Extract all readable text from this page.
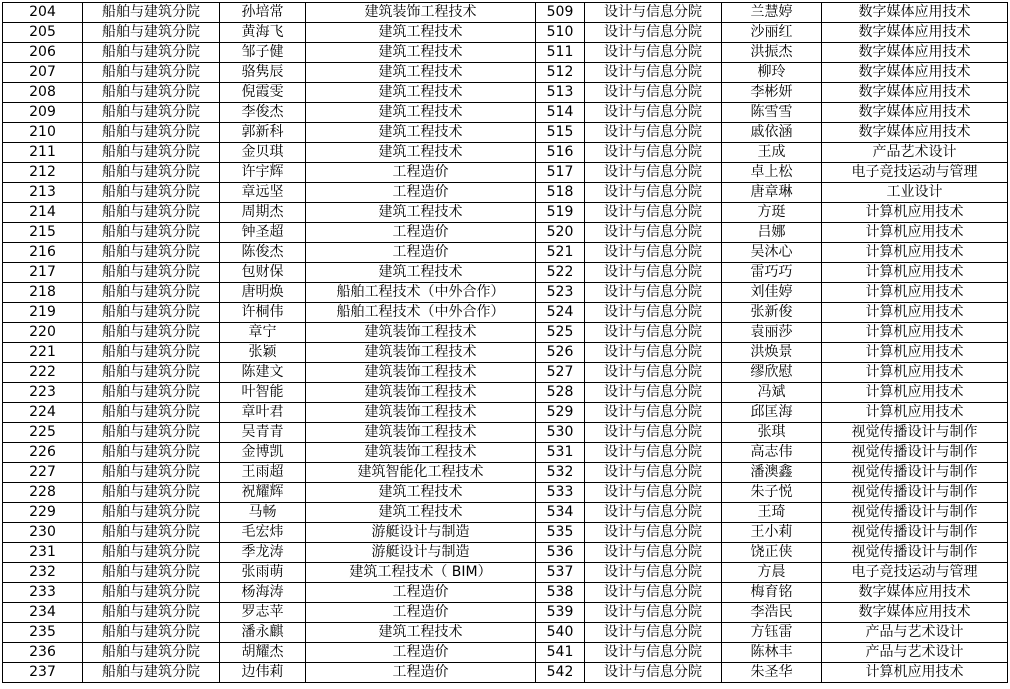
204	船舶与建筑分院	孙培常	建筑装饰工程技术	509	设计与信息分院	兰慧婷	数字媒体应用技术
205	船舶与建筑分院	黄海飞	建筑工程技术	510	设计与信息分院	沙丽红	数字媒体应用技术
206	船舶与建筑分院	邹子健	建筑工程技术	511	设计与信息分院	洪振杰	数字媒体应用技术
207	船舶与建筑分院	骆隽辰	建筑工程技术	512	设计与信息分院	柳玲	数字媒体应用技术
208	船舶与建筑分院	倪霞雯	建筑工程技术	513	设计与信息分院	李彬妍	数字媒体应用技术
209	船舶与建筑分院	李俊杰	建筑工程技术	514	设计与信息分院	陈雪雪	数字媒体应用技术
210	船舶与建筑分院	郭新科	建筑工程技术	515	设计与信息分院	戚依涵	数字媒体应用技术
211	船舶与建筑分院	金贝琪	建筑工程技术	516	设计与信息分院	王成	产品艺术设计
212	船舶与建筑分院	许宇辉	工程造价	517	设计与信息分院	卓上松	电子竞技运动与管理
213	船舶与建筑分院	章远坚	工程造价	518	设计与信息分院	唐章琳	工业设计
214	船舶与建筑分院	周期杰	建筑工程技术	519	设计与信息分院	方珽	计算机应用技术
215	船舶与建筑分院	钟圣超	工程造价	520	设计与信息分院	吕娜	计算机应用技术
216	船舶与建筑分院	陈俊杰	工程造价	521	设计与信息分院	吴沐心	计算机应用技术
217	船舶与建筑分院	包财保	建筑工程技术	522	设计与信息分院	雷巧巧	计算机应用技术
218	船舶与建筑分院	唐明焕	船舶工程技术（中外合作）	523	设计与信息分院	刘佳婷	计算机应用技术
219	船舶与建筑分院	许桐伟	船舶工程技术（中外合作）	524	设计与信息分院	张新俊	计算机应用技术
220	船舶与建筑分院	章宁	建筑装饰工程技术	525	设计与信息分院	袁丽莎	计算机应用技术
221	船舶与建筑分院	张颖	建筑装饰工程技术	526	设计与信息分院	洪焕景	计算机应用技术
222	船舶与建筑分院	陈建文	建筑装饰工程技术	527	设计与信息分院	缪欣慰	计算机应用技术
223	船舶与建筑分院	叶智能	建筑装饰工程技术	528	设计与信息分院	冯斌	计算机应用技术
224	船舶与建筑分院	章叶君	建筑装饰工程技术	529	设计与信息分院	邱匡海	计算机应用技术
225	船舶与建筑分院	吴青青	建筑装饰工程技术	530	设计与信息分院	张琪	视觉传播设计与制作
226	船舶与建筑分院	金博凯	建筑装饰工程技术	531	设计与信息分院	高志伟	视觉传播设计与制作
227	船舶与建筑分院	王雨超	建筑智能化工程技术	532	设计与信息分院	潘澳鑫	视觉传播设计与制作
228	船舶与建筑分院	祝耀辉	建筑工程技术	533	设计与信息分院	朱子悦	视觉传播设计与制作
229	船舶与建筑分院	马畅	建筑工程技术	534	设计与信息分院	王琦	视觉传播设计与制作
230	船舶与建筑分院	毛宏炜	游艇设计与制造	535	设计与信息分院	王小莉	视觉传播设计与制作
231	船舶与建筑分院	季龙涛	游艇设计与制造	536	设计与信息分院	饶正侠	视觉传播设计与制作
232	船舶与建筑分院	张雨萌	建筑工程技术（ BIM）	537	设计与信息分院	方晨	电子竞技运动与管理
233	船舶与建筑分院	杨海涛	工程造价	538	设计与信息分院	梅育铭	数字媒体应用技术
234	船舶与建筑分院	罗志苹	工程造价	539	设计与信息分院	李浩民	数字媒体应用技术
235	船舶与建筑分院	潘永麒	建筑工程技术	540	设计与信息分院	方钰雷	产品与艺术设计
236	船舶与建筑分院	胡耀杰	工程造价	541	设计与信息分院	陈林丰	产品与艺术设计
237	船舶与建筑分院	边伟莉	工程造价	542	设计与信息分院	朱圣华	计算机应用技术
